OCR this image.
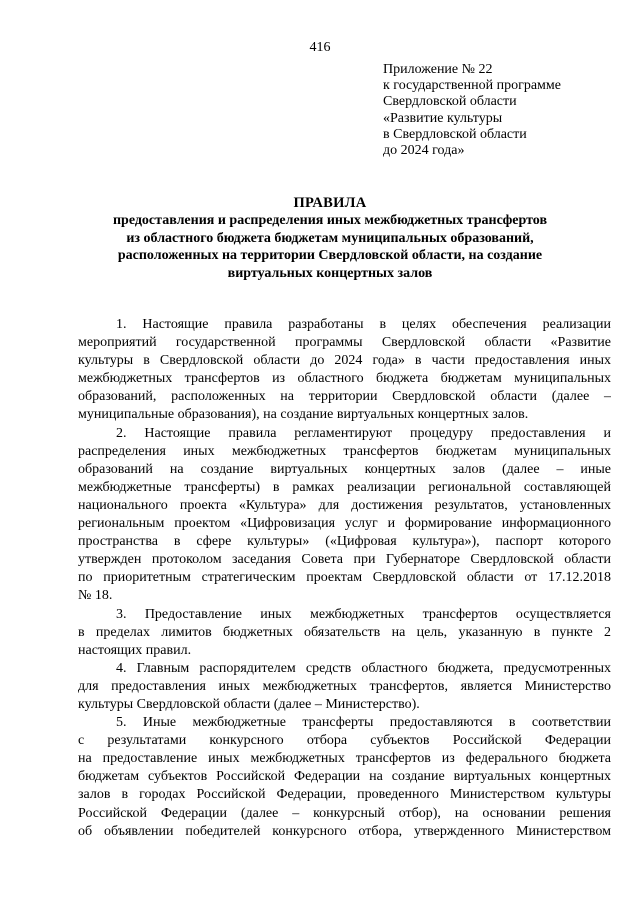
416
Приложение № 22
к государственной программе
Свердловской области
«Развитие культуры
в Свердловской области
до 2024 года»
ПРАВИЛА
предоставления и распределения иных межбюджетных трансфертов
из областного бюджета бюджетам муниципальных образований,
расположенных на территории Свердловской области, на создание
виртуальных концертных залов
1. Настоящие правила разработаны в целях обеспечения реализации
мероприятий государственной программы Свердловской области «Развитие
культуры в Свердловской области до 2024 года» в части предоставления иных
межбюджетных трансфертов из областного бюджета бюджетам муниципальных
образований, расположенных на территории Свердловской области (далее –
муниципальные образования), на создание виртуальных концертных залов.
2. Настоящие правила регламентируют процедуру предоставления и
распределения иных межбюджетных трансфертов бюджетам муниципальных
образований на создание виртуальных концертных залов (далее – иные
межбюджетные трансферты) в рамках реализации региональной составляющей
национального проекта «Культура» для достижения результатов, установленных
региональным проектом «Цифровизация услуг и формирование информационного
пространства в сфере культуры» («Цифровая культура»), паспорт которого
утвержден протоколом заседания Совета при Губернаторе Свердловской области
по приоритетным стратегическим проектам Свердловской области от 17.12.2018
№ 18.
3. Предоставление иных межбюджетных трансфертов осуществляется
в пределах лимитов бюджетных обязательств на цель, указанную в пункте 2
настоящих правил.
4. Главным распорядителем средств областного бюджета, предусмотренных
для предоставления иных межбюджетных трансфертов, является Министерство
культуры Свердловской области (далее – Министерство).
5. Иные межбюджетные трансферты предоставляются в соответствии
с результатами конкурсного отбора субъектов Российской Федерации
на предоставление иных межбюджетных трансфертов из федерального бюджета
бюджетам субъектов Российской Федерации на создание виртуальных концертных
залов в городах Российской Федерации, проведенного Министерством культуры
Российской Федерации (далее – конкурсный отбор), на основании решения
об объявлении победителей конкурсного отбора, утвержденного Министерством
